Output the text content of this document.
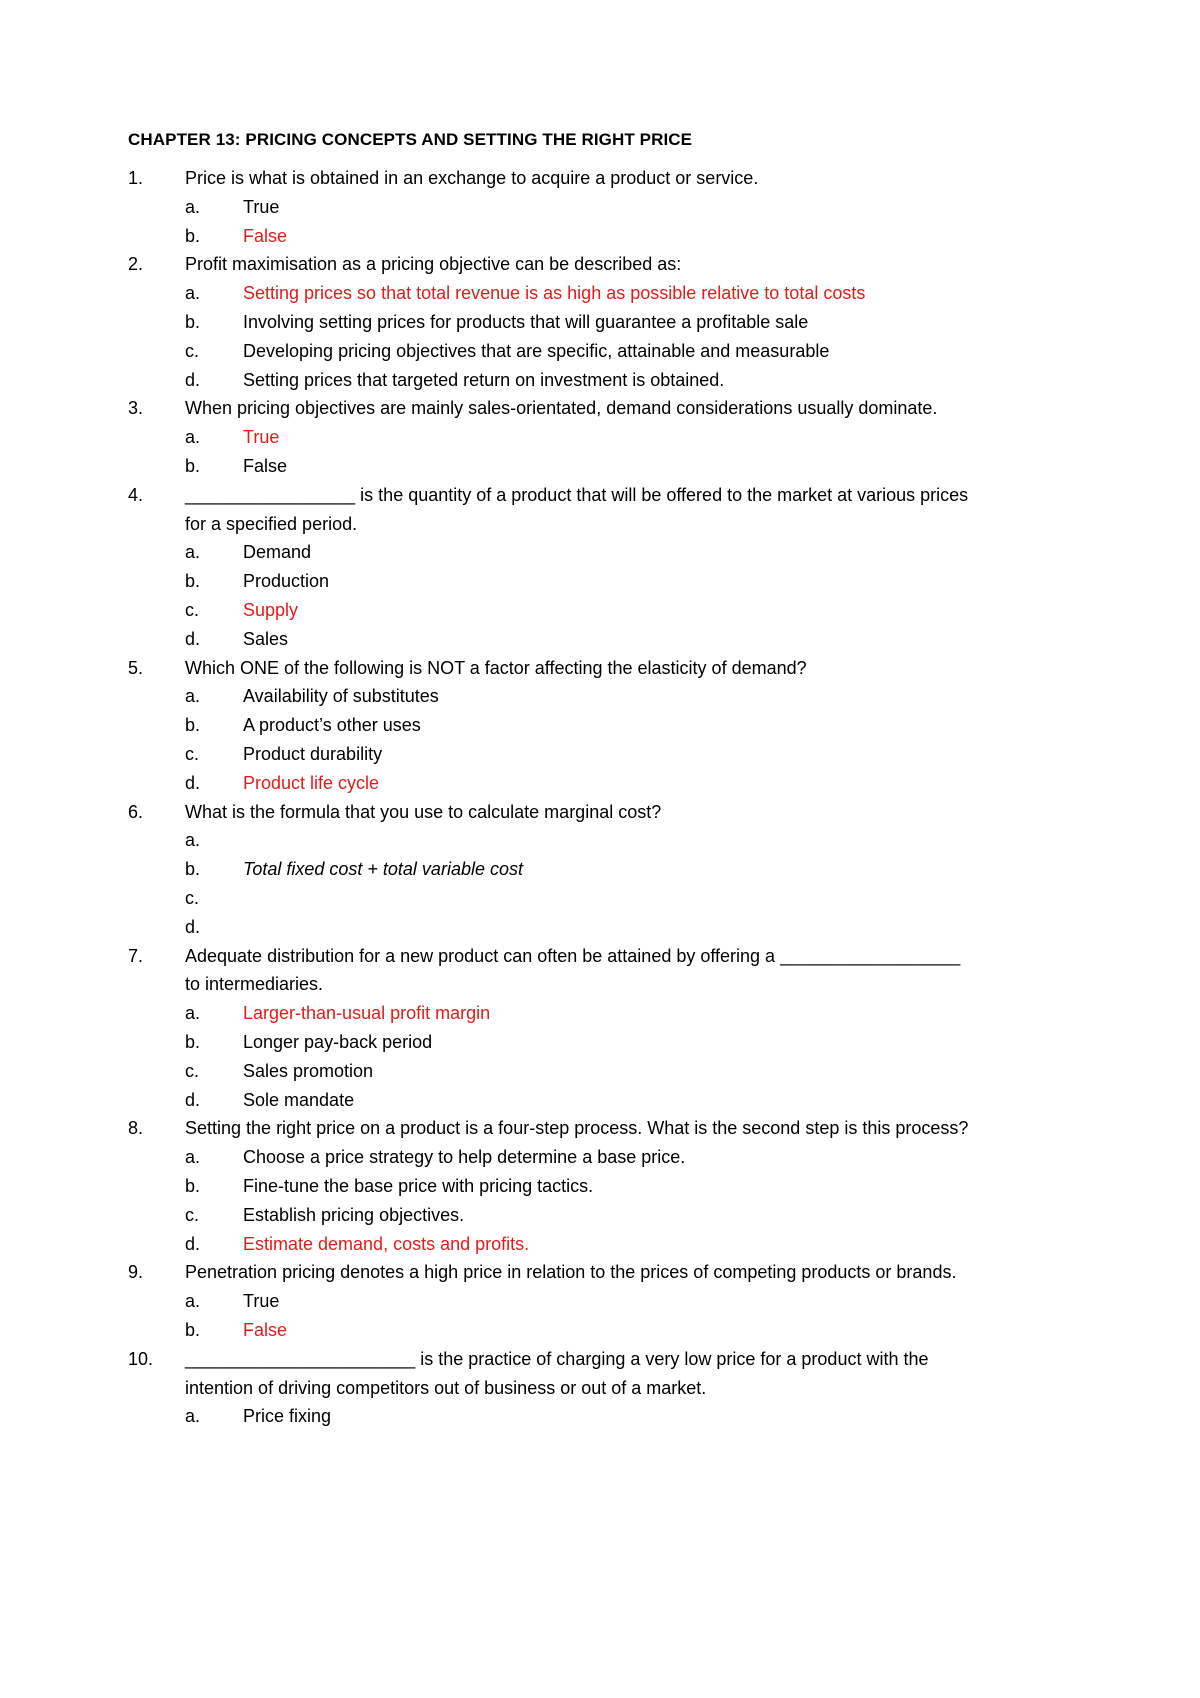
CHAPTER 13: PRICING CONCEPTS AND SETTING THE RIGHT PRICE
1.	Price is what is obtained in an exchange to acquire a product or service.
a.	True
b.	False
2.	Profit maximisation as a pricing objective can be described as:
a.	Setting prices so that total revenue is as high as possible relative to total costs
b.	Involving setting prices for products that will guarantee a profitable sale
c.	Developing pricing objectives that are specific, attainable and measurable
d.	Setting prices that targeted return on investment is obtained.
3.	When pricing objectives are mainly sales-orientated, demand considerations usually dominate.
a.	True
b.	False
4.	_________________ is the quantity of a product that will be offered to the market at various prices
for a specified period.
a.	Demand
b.	Production
c.	Supply
d.	Sales
5.	Which ONE of the following is NOT a factor affecting the elasticity of demand?
a.	Availability of substitutes
b.	A product’s other uses
c.	Product durability
d.	Product life cycle
6.	What is the formula that you use to calculate marginal cost?
a.
b.	Total fixed cost + total variable cost
c.
d.
7.	Adequate distribution for a new product can often be attained by offering a __________________
to intermediaries.
a.	Larger-than-usual profit margin
b.	Longer pay-back period
c.	Sales promotion
d.	Sole mandate
8.	Setting the right price on a product is a four-step process. What is the second step is this process?
a.	Choose a price strategy to help determine a base price.
b.	Fine-tune the base price with pricing tactics.
c.	Establish pricing objectives.
d.	Estimate demand, costs and profits.
9.	Penetration pricing denotes a high price in relation to the prices of competing products or brands.
a.	True
b.	False
10.	_______________________ is the practice of charging a very low price for a product with the
intention of driving competitors out of business or out of a market.
a.	Price fixing
